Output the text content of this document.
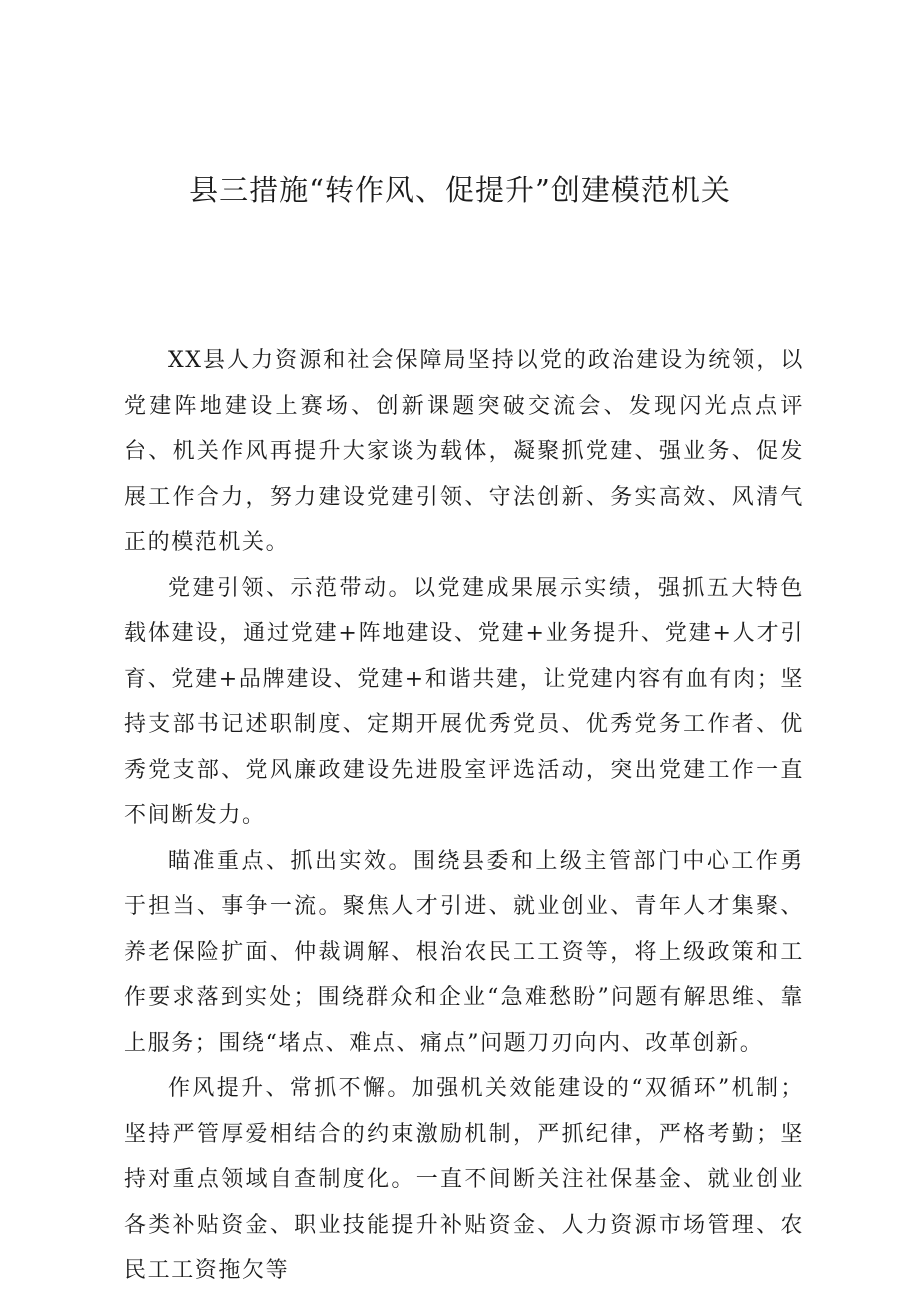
县三措施“转作风、促提升”创建模范机关

XX县人力资源和社会保障局坚持以党的政治建设为统领，以党建阵地建设上赛场、创新课题突破交流会、发现闪光点点评台、机关作风再提升大家谈为载体，凝聚抓党建、强业务、促发展工作合力，努力建设党建引领、守法创新、务实高效、风清气正的模范机关。

党建引领、示范带动。以党建成果展示实绩，强抓五大特色载体建设，通过党建+阵地建设、党建+业务提升、党建+人才引育、党建+品牌建设、党建+和谐共建，让党建内容有血有肉；坚持支部书记述职制度、定期开展优秀党员、优秀党务工作者、优秀党支部、党风廉政建设先进股室评选活动，突出党建工作一直不间断发力。

瞄准重点、抓出实效。围绕县委和上级主管部门中心工作勇于担当、事争一流。聚焦人才引进、就业创业、青年人才集聚、养老保险扩面、仲裁调解、根治农民工工资等，将上级政策和工作要求落到实处；围绕群众和企业“急难愁盼”问题有解思维、靠上服务；围绕“堵点、难点、痛点”问题刀刃向内、改革创新。

作风提升、常抓不懈。加强机关效能建设的“双循环”机制；坚持严管厚爱相结合的约束激励机制，严抓纪律，严格考勤；坚持对重点领域自查制度化。一直不间断关注社保基金、就业创业各类补贴资金、职业技能提升补贴资金、人力资源市场管理、农民工工资拖欠等
